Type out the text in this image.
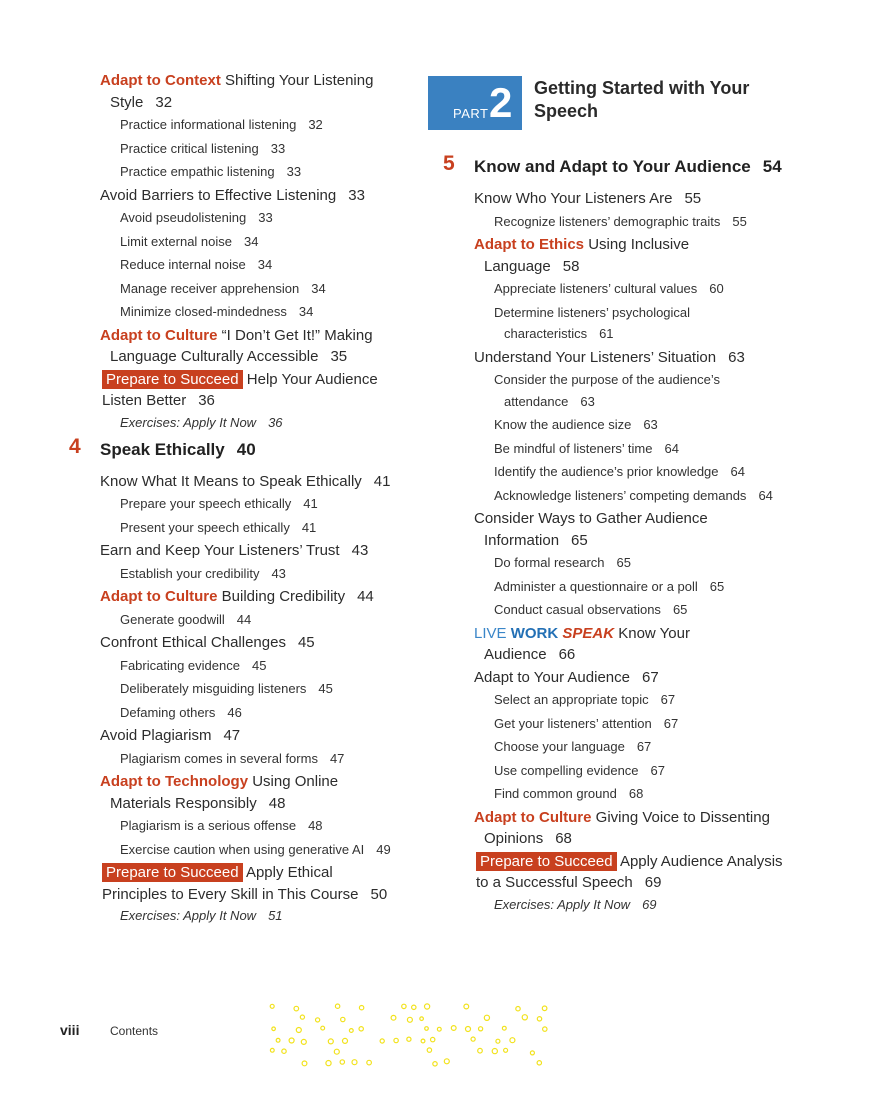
Adapt to Context Shifting Your Listening Style 32
Practice informational listening 32
Practice critical listening 33
Practice empathic listening 33
Avoid Barriers to Effective Listening 33
Avoid pseudolistening 33
Limit external noise 34
Reduce internal noise 34
Manage receiver apprehension 34
Minimize closed-mindedness 34
Adapt to Culture “I Don’t Get It!” Making Language Culturally Accessible 35
Prepare to Succeed Help Your Audience Listen Better 36
Exercises: Apply It Now 36
4 Speak Ethically 40
Know What It Means to Speak Ethically 41
Prepare your speech ethically 41
Present your speech ethically 41
Earn and Keep Your Listeners’ Trust 43
Establish your credibility 43
Adapt to Culture Building Credibility 44
Generate goodwill 44
Confront Ethical Challenges 45
Fabricating evidence 45
Deliberately misguiding listeners 45
Defaming others 46
Avoid Plagiarism 47
Plagiarism comes in several forms 47
Adapt to Technology Using Online Materials Responsibly 48
Plagiarism is a serious offense 48
Exercise caution when using generative AI 49
Prepare to Succeed Apply Ethical Principles to Every Skill in This Course 50
Exercises: Apply It Now 51
PART 2 Getting Started with Your Speech
5 Know and Adapt to Your Audience 54
Know Who Your Listeners Are 55
Recognize listeners’ demographic traits 55
Adapt to Ethics Using Inclusive Language 58
Appreciate listeners’ cultural values 60
Determine listeners’ psychological characteristics 61
Understand Your Listeners’ Situation 63
Consider the purpose of the audience’s attendance 63
Know the audience size 63
Be mindful of listeners’ time 64
Identify the audience’s prior knowledge 64
Acknowledge listeners’ competing demands 64
Consider Ways to Gather Audience Information 65
Do formal research 65
Administer a questionnaire or a poll 65
Conduct casual observations 65
LIVE WORK SPEAK Know Your Audience 66
Adapt to Your Audience 67
Select an appropriate topic 67
Get your listeners’ attention 67
Choose your language 67
Use compelling evidence 67
Find common ground 68
Adapt to Culture Giving Voice to Dissenting Opinions 68
Prepare to Succeed Apply Audience Analysis to a Successful Speech 69
Exercises: Apply It Now 69
viii	Contents
